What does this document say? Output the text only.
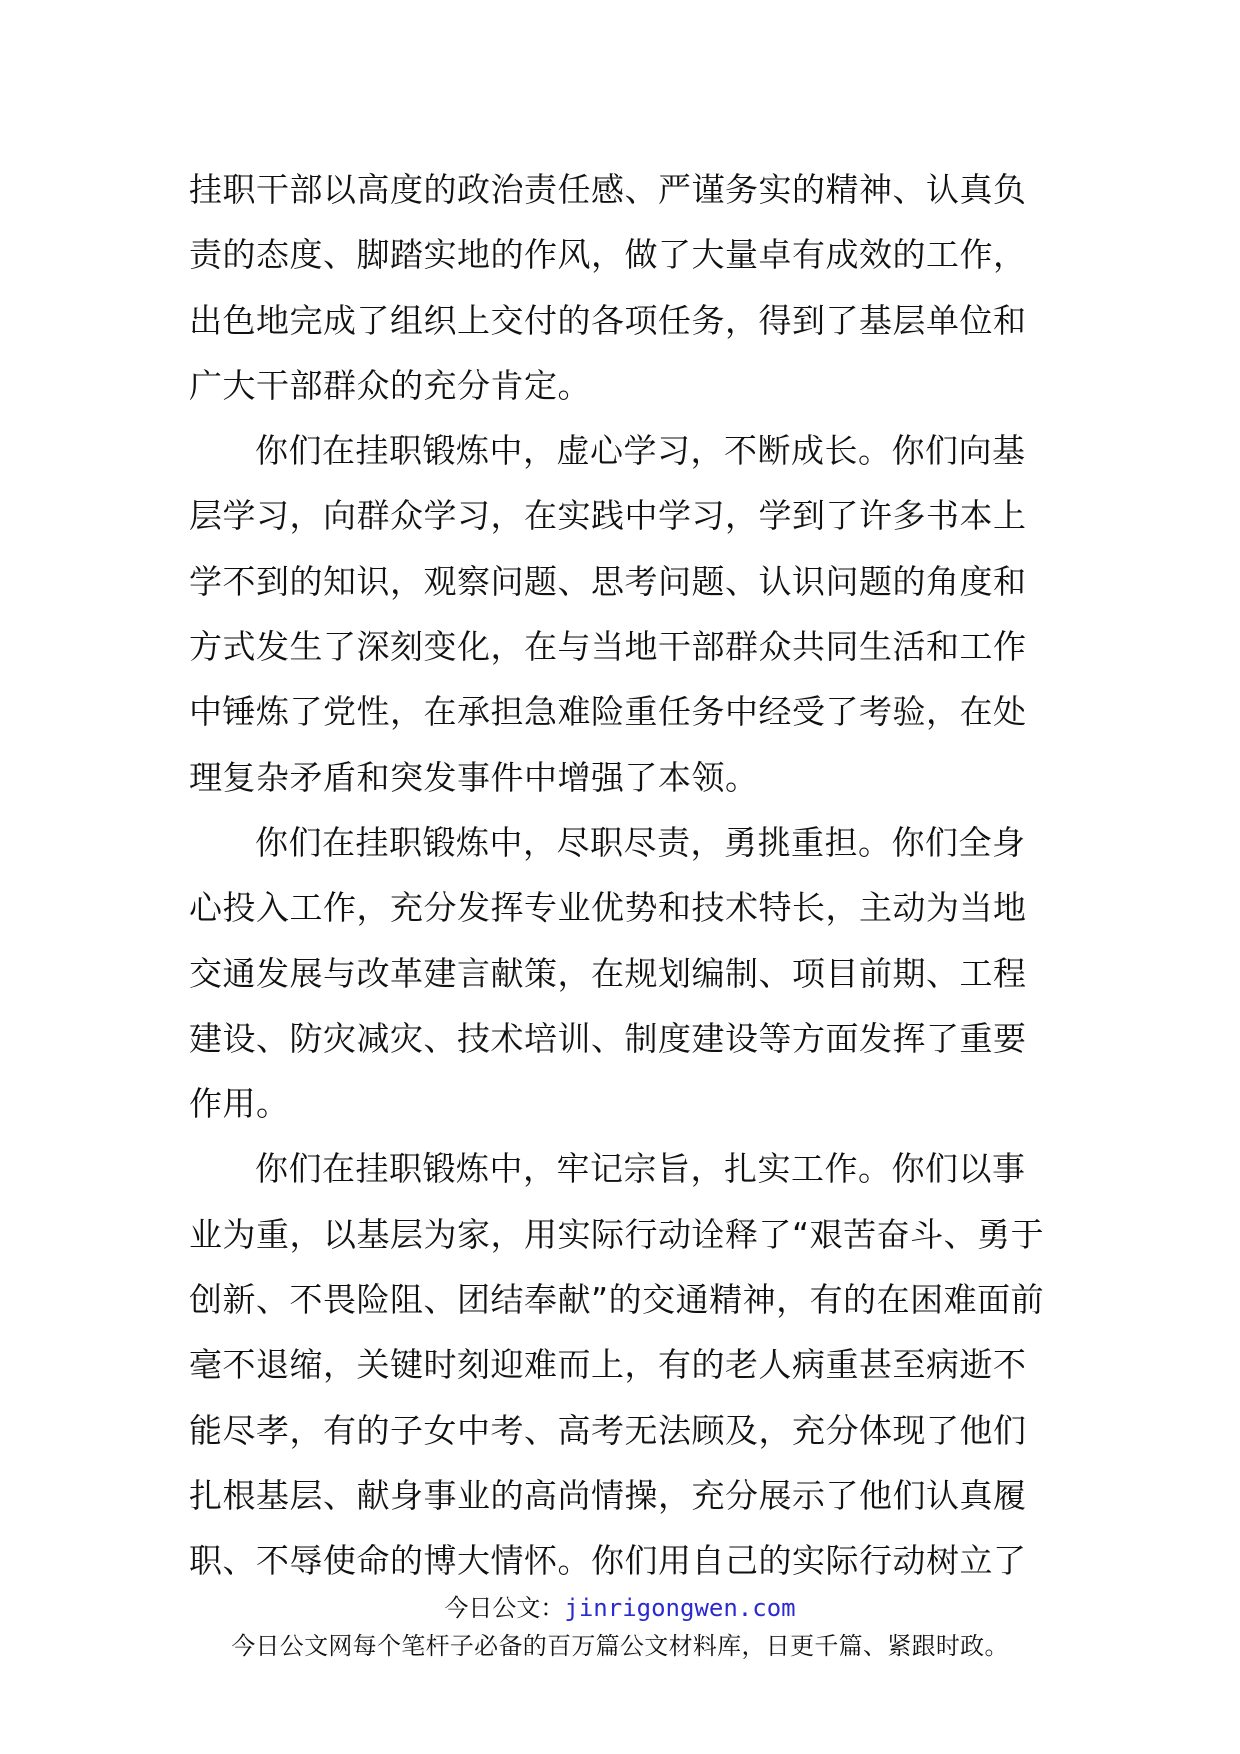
挂职干部以高度的政治责任感、严谨务实的精神、认真负
责的态度、脚踏实地的作风，做了大量卓有成效的工作，
出色地完成了组织上交付的各项任务，得到了基层单位和
广大干部群众的充分肯定。
你们在挂职锻炼中，虚心学习，不断成长。你们向基
层学习，向群众学习，在实践中学习，学到了许多书本上
学不到的知识，观察问题、思考问题、认识问题的角度和
方式发生了深刻变化，在与当地干部群众共同生活和工作
中锤炼了党性，在承担急难险重任务中经受了考验，在处
理复杂矛盾和突发事件中增强了本领。
你们在挂职锻炼中，尽职尽责，勇挑重担。你们全身
心投入工作，充分发挥专业优势和技术特长，主动为当地
交通发展与改革建言献策，在规划编制、项目前期、工程
建设、防灾减灾、技术培训、制度建设等方面发挥了重要
作用。
你们在挂职锻炼中，牢记宗旨，扎实工作。你们以事
业为重，以基层为家，用实际行动诠释了“艰苦奋斗、勇于
创新、不畏险阻、团结奉献”的交通精神，有的在困难面前
毫不退缩，关键时刻迎难而上，有的老人病重甚至病逝不
能尽孝，有的子女中考、高考无法顾及，充分体现了他们
扎根基层、献身事业的高尚情操，充分展示了他们认真履
职、不辱使命的博大情怀。你们用自己的实际行动树立了
今日公文：jinrigongwen.com
今日公文网每个笔杆子必备的百万篇公文材料库，日更千篇、紧跟时政。
